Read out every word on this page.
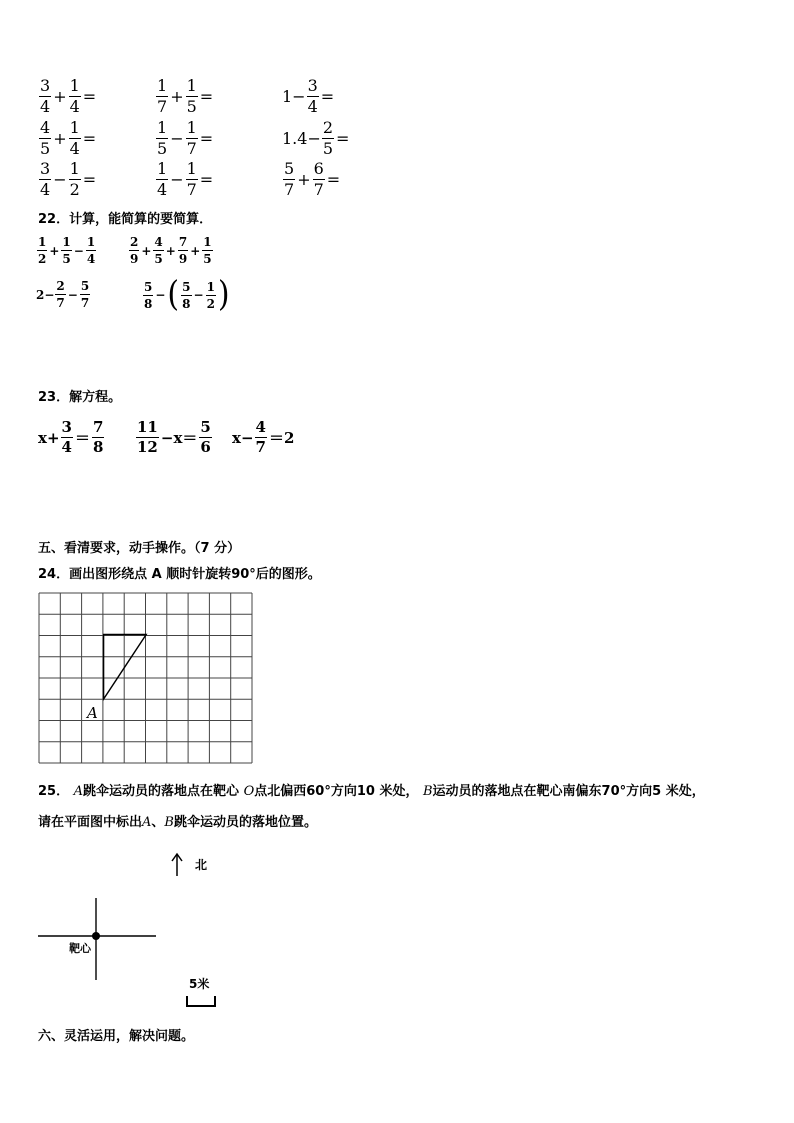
$\frac{3}{4} + \frac{1}{4}$ =	$\frac{1}{7} + \frac{1}{5}$ =	$1- \frac{3}{4}$ =
$\frac{4}{5} + \frac{1}{4}$ =	$\frac{1}{5} - \frac{1}{7}$ =	$1.4- \frac{2}{5}$ =
$\frac{3}{4} - \frac{1}{2}$ =	$\frac{1}{4} - \frac{1}{7}$ =	$\frac{5}{7} + \frac{6}{7}$ =
22．计算，能简算的要简算．
$\frac{1}{2} + \frac{1}{5} - \frac{1}{4}$	$\frac{2}{9} + \frac{4}{5} + \frac{7}{9} + \frac{1}{5}$
$2- \frac{2}{7} - \frac{5}{7}$	$\frac{5}{8}$ − ( $\frac{5}{8} - \frac{1}{2}$ )
23．解方程。
$x+ \frac{3}{4} = \frac{7}{8} \frac{11}{12} -x= \frac{5}{6} x- \frac{4}{7} =2$
五、看清要求，动手操作。（7 分）
24．画出图形绕点 A 顺时针旋转90°后的图形。
A
25． A跳伞运动员的落地点在靶心 O点北偏西60°方向10 米处， B运动员的落地点在靶心南偏东70°方向5 米处，
请在平面图中标出A、B跳伞运动员的落地位置。
北
靶心
5米
六、灵活运用，解决问题。
